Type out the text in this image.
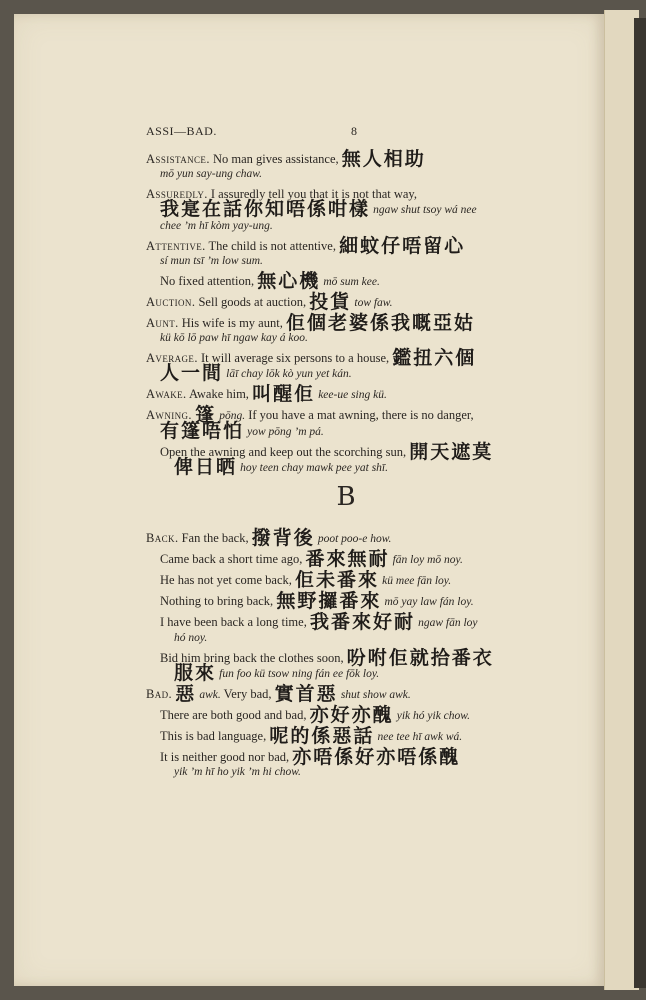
ASSI—BAD.	8
Assistance. No man gives assistance, 無人相助
mō yun say-ung chaw.
Assuredly. I assuredly tell you that it is not that way,

我寔在話你知唔係咁樣 ngaw shut tsoy wá nee
chee ’m hī kòm yay-ung.
Attentive. The child is not attentive, 細蚊仔唔留心
sí mun tsī ’m low sum.
No fixed attention, 無心機 mō sum kee.
Auction. Sell goods at auction, 投貨 tow faw.
Aunt. His wife is my aunt, 佢個老婆係我嘅亞姑
kü kō lō paw hī ngaw kay á koo.
Average. It will average six persons to a house, 鑑扭六個

人一間 lāī chay lōk kò yun yet kán.
Awake. Awake him, 叫醒佢 kee-ue sing kü.
Awning. 篷 pōng. If you have a mat awning, there is no danger,

有篷唔怕 yow pōng ’m pá.
Open the awning and keep out the scorching sun, 開天遮莫

俾日晒 hoy teen chay mawk pee yat shī.
B
Back. Fan the back, 撥背後 poot poo-e how.
Came back a short time ago, 番來無耐 fān loy mō noy.
He has not yet come back, 佢未番來 kü mee fān loy.
Nothing to bring back, 無野攞番來 mō yay law fán loy.
I have been back a long time, 我番來好耐 ngaw fān loy

hó noy.
Bid him bring back the clothes soon, 吩咐佢就拾番衣

服來 fun foo kü tsow ning fán ee fōk loy.
Bad. 惡 awk. Very bad, 實首惡 shut show awk.
There are both good and bad, 亦好亦醜 yik hó yik chow.
This is bad language, 呢的係惡話 nee tee hī awk wá.
It is neither good nor bad, 亦唔係好亦唔係醜

yik ’m hī ho yik ’m hi chow.
